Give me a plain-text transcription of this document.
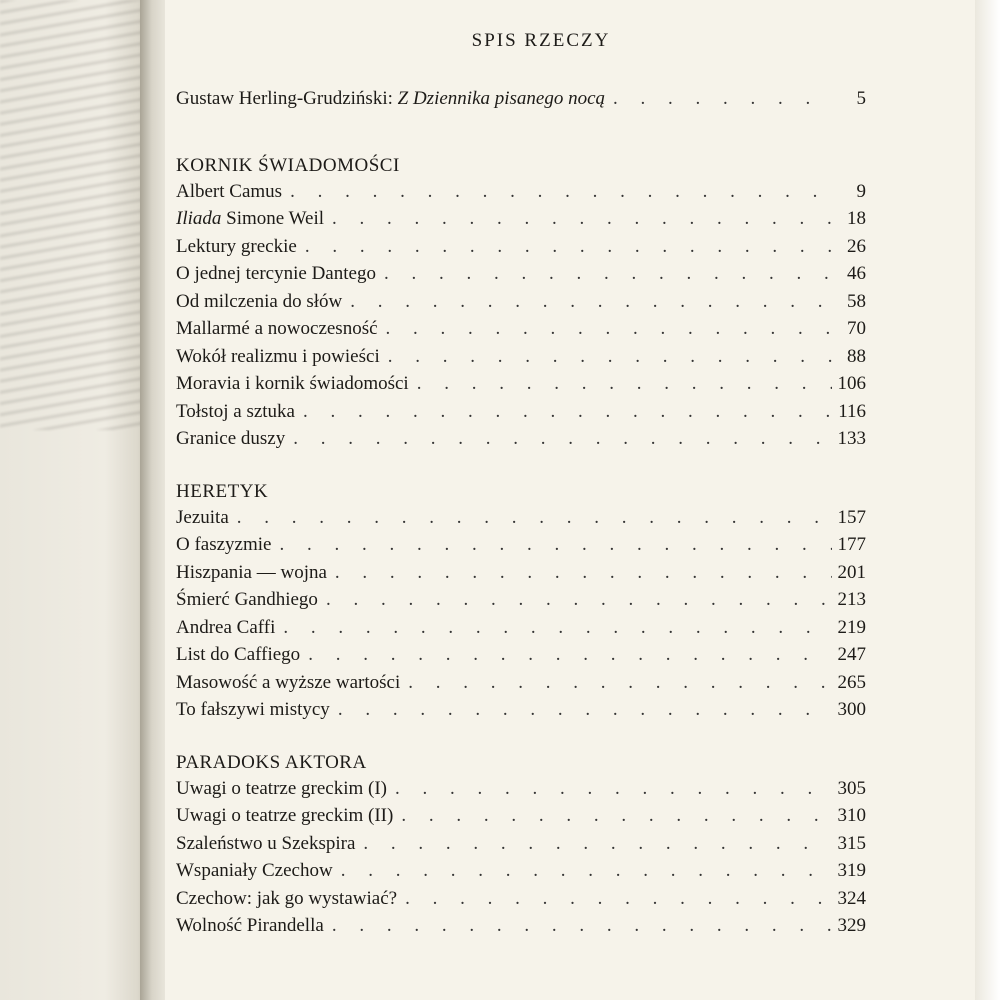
SPIS RZECZY
Gustaw Herling-Grudziński: Z Dziennika pisanego nocą . . .	5
KORNIK ŚWIADOMOŚCI
Albert Camus . . .	9
Iliada Simone Weil . . .	18
Lektury greckie . . .	26
O jednej tercynie Dantego . . .	46
Od milczenia do słów . . .	58
Mallarmé a nowoczesność . . .	70
Wokół realizmu i powieści . . .	88
Moravia i kornik świadomości . . .	106
Tołstoj a sztuka . . .	116
Granice duszy . . .	133
HERETYK
Jezuita . . .	157
O faszyzmie . . .	177
Hiszpania — wojna . . .	201
Śmierć Gandhiego . . .	213
Andrea Caffi . . .	219
List do Caffiego . . .	247
Masowość a wyższe wartości . . .	265
To fałszywi mistycy . . .	300
PARADOKS AKTORA
Uwagi o teatrze greckim (I) . . .	305
Uwagi o teatrze greckim (II) . . .	310
Szaleństwo u Szekspira . . .	315
Wspaniały Czechow . . .	319
Czechow: jak go wystawiać? . . .	324
Wolność Pirandella . . .	329
